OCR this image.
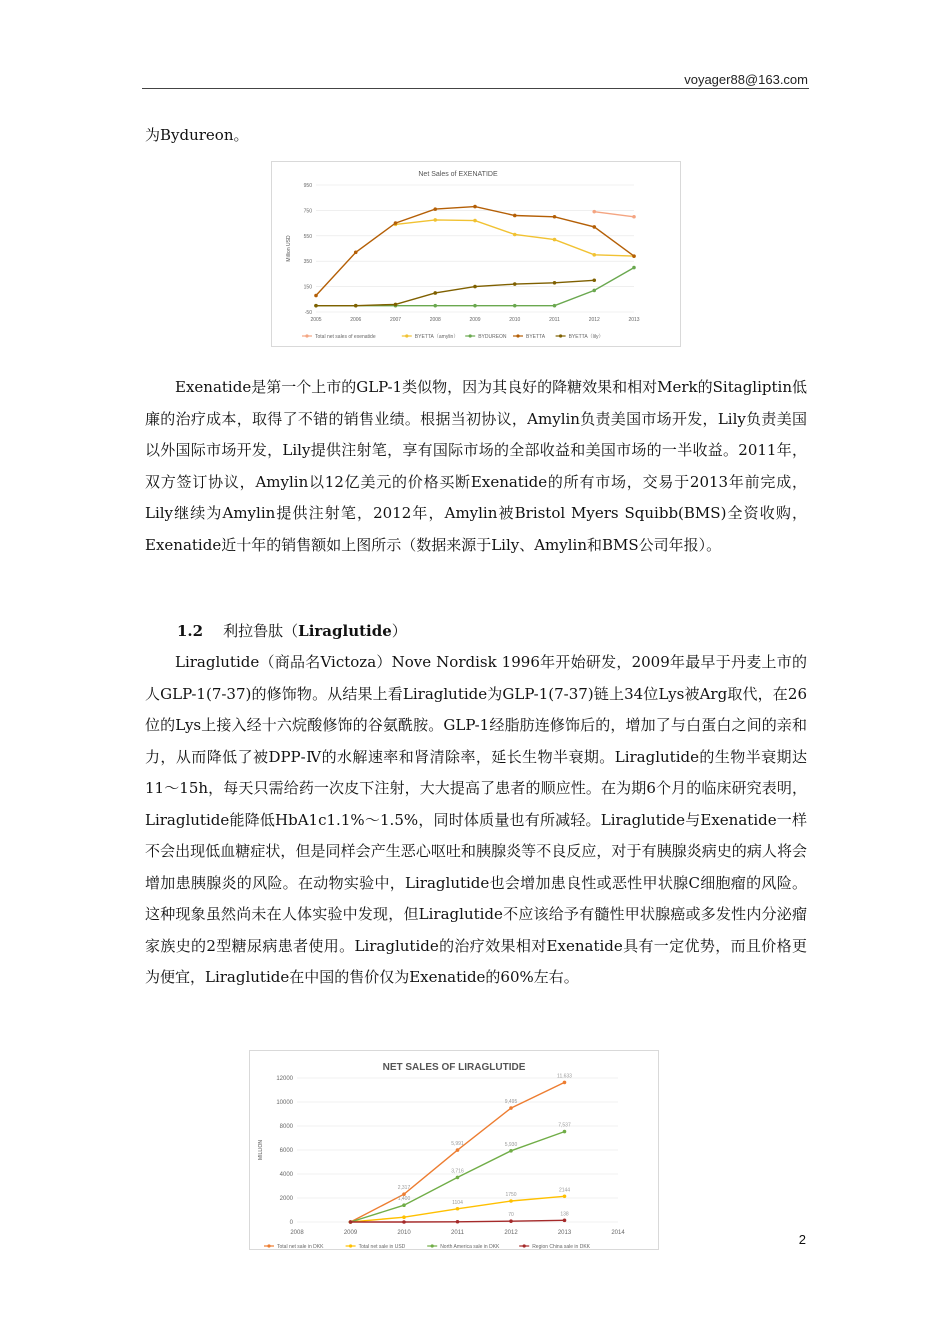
voyager88@163.com
为Bydureon。
Net Sales of EXENATIDE
Million USD
950
750
550
350
150
-50
2005	2006	2007	2008	2009	2010	2011	2012	2013
Total net sales of exenatide	BYETTA（amylin）	BYDUREON	BYETTA	BYETTA（lily）

Exenatide是第一个上市的GLP-1类似物，因为其良好的降糖效果和相对Merk的Sitagliptin低廉的治疗成本，取得了不错的销售业绩。根据当初协议，Amylin负责美国市场开发，Lily负责美国以外国际市场开发，Lily提供注射笔，享有国际市场的全部收益和美国市场的一半收益。2011年，双方签订协议，Amylin以12亿美元的价格买断Exenatide的所有市场，交易于2013年前完成，Lily继续为Amylin提供注射笔，2012年，Amylin被Bristol Myers Squibb(BMS)全资收购，Exenatide近十年的销售额如上图所示（数据来源于Lily、Amylin和BMS公司年报）。

1.2 利拉鲁肽（Liraglutide）

Liraglutide（商品名Victoza）Nove Nordisk 1996年开始研发，2009年最早于丹麦上市的人GLP-1(7-37)的修饰物。从结果上看Liraglutide为GLP-1(7-37)链上34位Lys被Arg取代，在26位的Lys上接入经十六烷酸修饰的谷氨酰胺。GLP-1经脂肪连修饰后的，增加了与白蛋白之间的亲和力，从而降低了被DPP‐Ⅳ的水解速率和肾清除率，延长生物半衰期。Liraglutide的生物半衰期达11～15h，每天只需给药一次皮下注射，大大提高了患者的顺应性。在为期6个月的临床研究表明，Liraglutide能降低HbA1c1.1%～1.5%，同时体质量也有所减轻。Liraglutide与Exenatide一样不会出现低血糖症状，但是同样会产生恶心呕吐和胰腺炎等不良反应，对于有胰腺炎病史的病人将会增加患胰腺炎的风险。在动物实验中，Liraglutide也会增加患良性或恶性甲状腺C细胞瘤的风险。这种现象虽然尚未在人体实验中发现，但Liraglutide不应该给予有髓性甲状腺癌或多发性内分泌瘤家族史的2型糖尿病患者使用。Liraglutide的治疗效果相对Exenatide具有一定优势，而且价格更为便宜，Liraglutide在中国的售价仅为Exenatide的60%左右。

NET SALES OF LIRAGLUTIDE
MILLION
12000
10000
8000
6000
4000
2000
0
2008	2009	2010	2011	2012	2013	2014
2,317
5,991
9,495
11,633
1104
1750
2144
1,400
3,716
5,930
7,537
70	138
Total net sale in DKK	Total net sale in USD	North America sale in DKK	Region China sale in DKK	2
